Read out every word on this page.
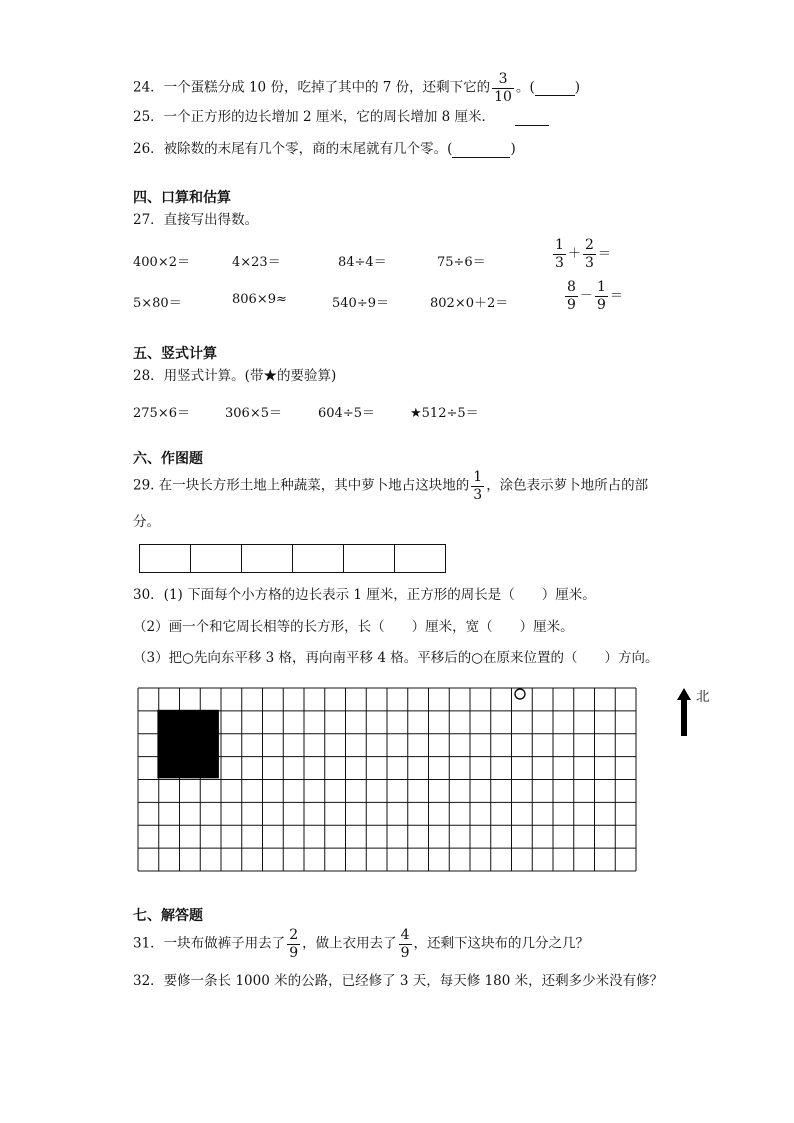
24．一个蛋糕分成 10 份，吃掉了其中的 7 份，还剩下它的 $\frac{3}{10}$ 。(	)
25．一个正方形的边长增加 2 厘米，它的周长增加 8 厘米．
26．被除数的末尾有几个零，商的末尾就有几个零。(	)
四、口算和估算
27．直接写出得数。
400×2＝	4×23＝	84÷4＝	75÷6＝	$\frac{1}{3} + \frac{2}{3}$ ＝
5×80＝	806×9≈	540÷9＝	802×0＋2＝	$\frac{8}{9} - \frac{1}{9}$ ＝
五、竖式计算
28．用竖式计算。(带★的要验算)
275×6＝	306×5＝	604÷5＝	★512÷5＝
六、作图题
29. 在一块长方形土地上种蔬菜，其中萝卜地占这块地的 $\frac{1}{3}$ ，涂色表示萝卜地所占的部
分。

30．(1) 下面每个小方格的边长表示 1 厘米，正方形的周长是（　　）厘米。
（2）画一个和它周长相等的长方形，长（　　）厘米，宽（　　）厘米。
（3）把○先向东平移 3 格，再向南平移 4 格。平移后的○在原来位置的（　　）方向。
北
七、解答题
31．一块布做裤子用去了 $\frac{2}{9}$ ，做上衣用去了 $\frac{4}{9}$ ，还剩下这块布的几分之几？
32．要修一条长 1000 米的公路，已经修了 3 天，每天修 180 米，还剩多少米没有修？
